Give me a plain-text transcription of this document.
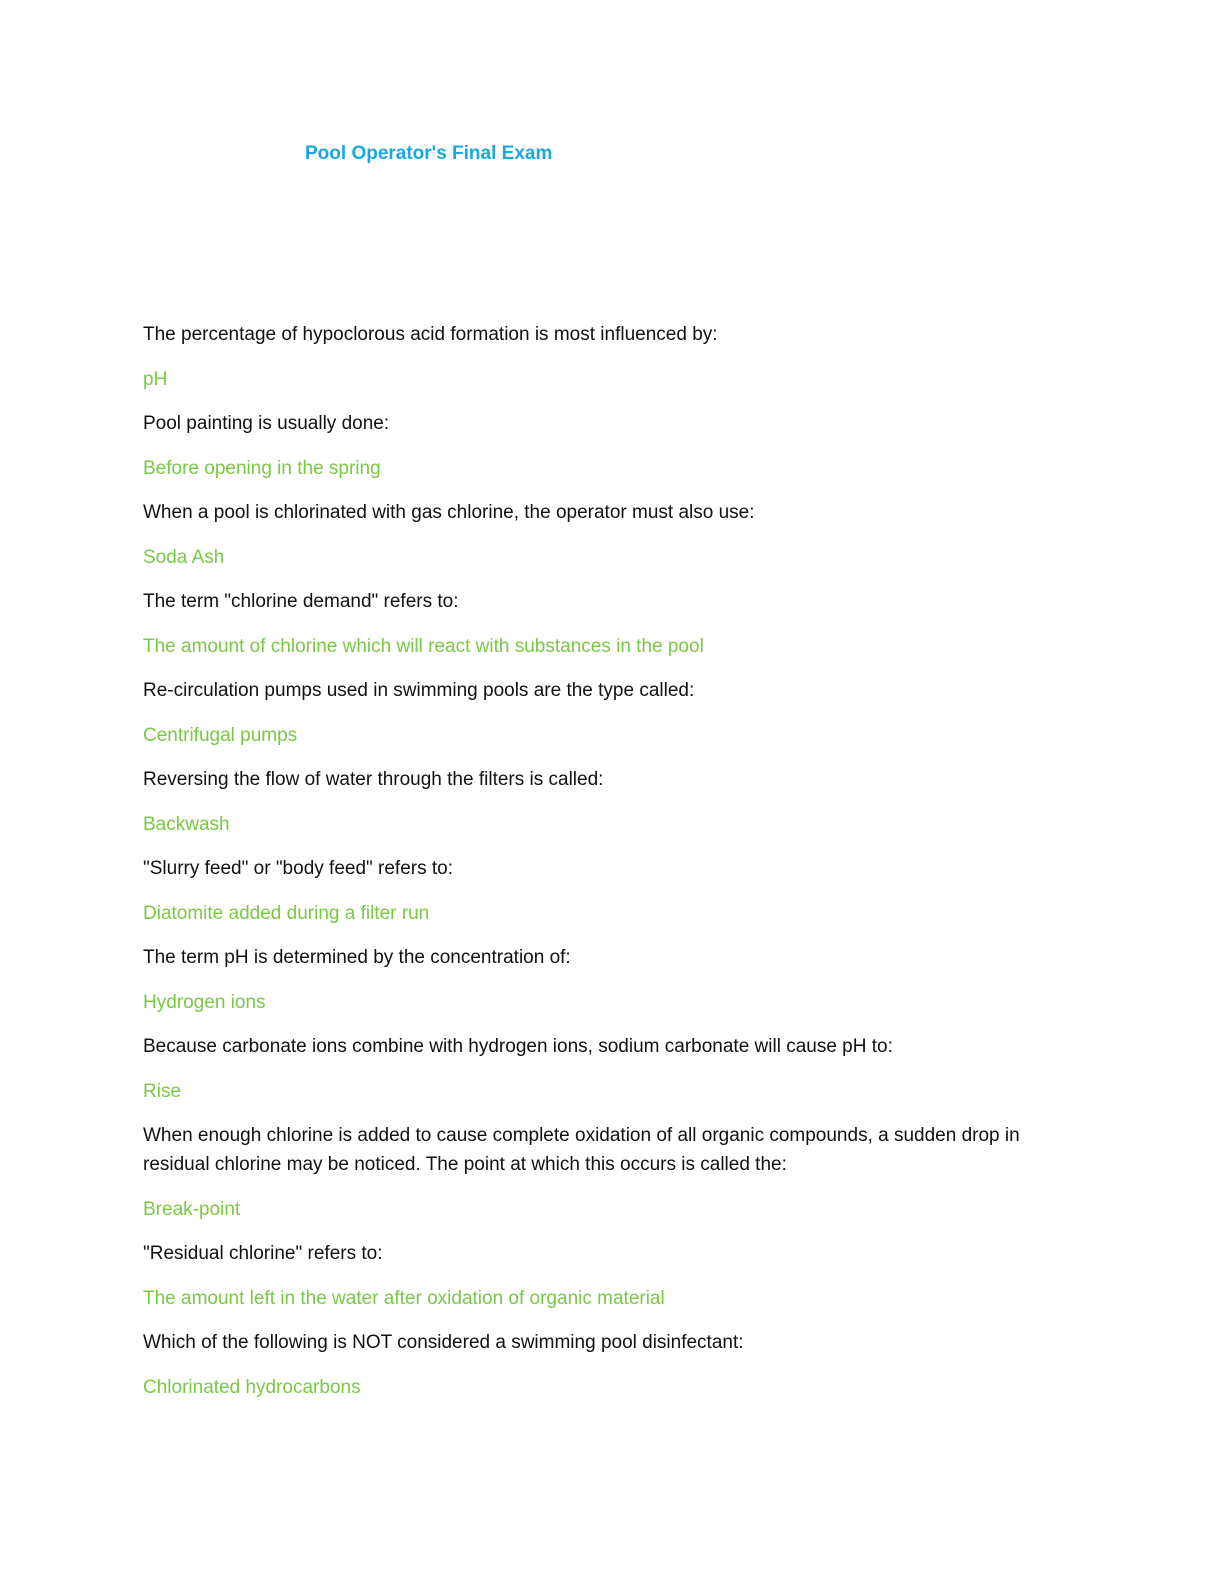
Pool Operator's Final Exam
The percentage of hypoclorous acid formation is most influenced by:
pH
Pool painting is usually done:
Before opening in the spring
When a pool is chlorinated with gas chlorine, the operator must also use:
Soda Ash
The term "chlorine demand" refers to:
The amount of chlorine which will react with substances in the pool
Re-circulation pumps used in swimming pools are the type called:
Centrifugal pumps
Reversing the flow of water through the filters is called:
Backwash
"Slurry feed" or "body feed" refers to:
Diatomite added during a filter run
The term pH is determined by the concentration of:
Hydrogen ions
Because carbonate ions combine with hydrogen ions, sodium carbonate will cause pH to:
Rise
When enough chlorine is added to cause complete oxidation of all organic compounds, a sudden drop in residual chlorine may be noticed. The point at which this occurs is called the:
Break-point
"Residual chlorine" refers to:
The amount left in the water after oxidation of organic material
Which of the following is NOT considered a swimming pool disinfectant:
Chlorinated hydrocarbons
